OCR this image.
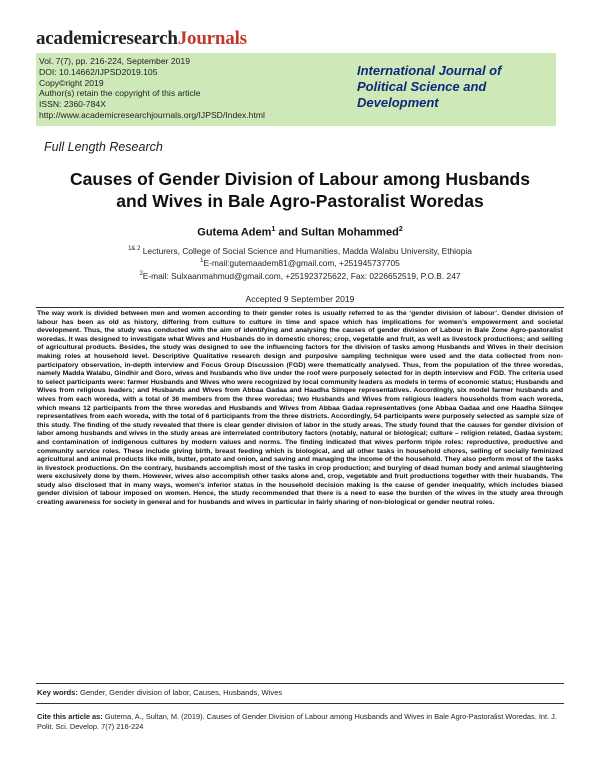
academicresearchJournals
Vol. 7(7), pp. 216-224, September 2019
DOI: 10.14662/IJPSD2019.105
Copy©right 2019
Author(s) retain the copyright of this article
ISSN: 2360-784X
http://www.academicresearchjournals.org/IJPSD/Index.html
International Journal of
Political Science and
Development
Full Length Research
Causes of Gender Division of Labour among Husbands
and Wives in Bale Agro-Pastoralist Woredas
Gutema Adem$^1$ and Sultan Mohammed$^2$
$^{1\& 2}$ Lecturers, College of Social Science and Humanities, Madda Walabu University, Ethiopia
$^1$E-mail:gutemaadem81@gmail.com, +251945737705
$^2$E-mail: Sulxaanmahmud@gmail.com, +251923725622, Fax: 0226652519, P.O.B. 247
Accepted 9 September 2019
The way work is divided between men and women according to their gender roles is usually referred to as the ‘gender division of labour’. Gender division of labour has been as old as history, differing from culture to culture in time and space which has implications for women’s empowerment and societal development. Thus, the study was conducted with the aim of identifying and analysing the causes of gender division of Labour in Bale Zone Agro-pastoralist woredas. It was designed to investigate what Wives and Husbands do in domestic chores; crop, vegetable and fruit, as well as livestock productions; and selling of agricultural products. Besides, the study was designed to see the influencing factors for the division of tasks among Husbands and Wives in their decision making roles at household level. Descriptive Qualitative research design and purposive sampling technique were used and the data collected from non-participatory observation, in-depth interview and Focus Group Discussion (FGD) were thematically analysed. Thus, from the population of the three woredas, namely Madda Walabu, Gindhir and Goro, wives and husbands who live under the roof were purposely selected for in depth interview and FGD. The criteria used to select participants were: farmer Husbands and Wives who were recognized by local community leaders as models in terms of economic status; Husbands and Wives from religious leaders; and Husbands and Wives from Abbaa Gadaa and Haadha Siinqee representatives. Accordingly, six model farmer husbands and wives from each woreda, with a total of 36 members from the three woredas; two Husbands and Wives from religious leaders households from each woreda, which means 12 participants from the three woredas and Husbands and Wives from Abbaa Gadaa representatives (one Abbaa Gadaa and one Haadha Siinqee representatives from each woreda, with the total of 6 participants from the three districts. Accordingly, 54 participants were purposely selected as sample size of this study. The finding of the study revealed that there is clear gender division of labor in the study areas. The study found that the causes for gender division of labor among husbands and wives in the study areas are interrelated contributory factors (notably, natural or biological; culture – religion related, Gadaa system; and contamination of indigenous cultures by modern values and norms. The finding indicated that wives perform triple roles: reproductive, productive and community service roles. These include giving birth, breast feeding which is biological, and all other tasks in household chores, selling of socially feminized agricultural and animal products like milk, butter, potato and onion, and saving and managing the income of the household. They also perform most of the tasks in livestock productions. On the contrary, husbands accomplish most of the tasks in crop production; and burying of dead human body and animal slaughtering were exclusively done by them. However, wives also accomplish other tasks alone and, crop, vegetable and fruit productions together with their husbands. The study also disclosed that in many ways, women’s inferior status in the household decision making is the cause of gender inequality, which includes biased gender division of labour imposed on women. Hence, the study recommended that there is a need to ease the burden of the wives in the study area through creating awareness for society in general and for husbands and wives in particular in fairly sharing of non-biological or gender neutral roles.
Key words: Gender, Gender division of labor, Causes, Husbands, Wives
Cite this article as: Gutema, A., Sultan, M. (2019). Causes of Gender Division of Labour among Husbands and Wives in Bale Agro-Pastoralist Woredas. Int. J. Polit. Sci. Develop. 7(7) 216-224
